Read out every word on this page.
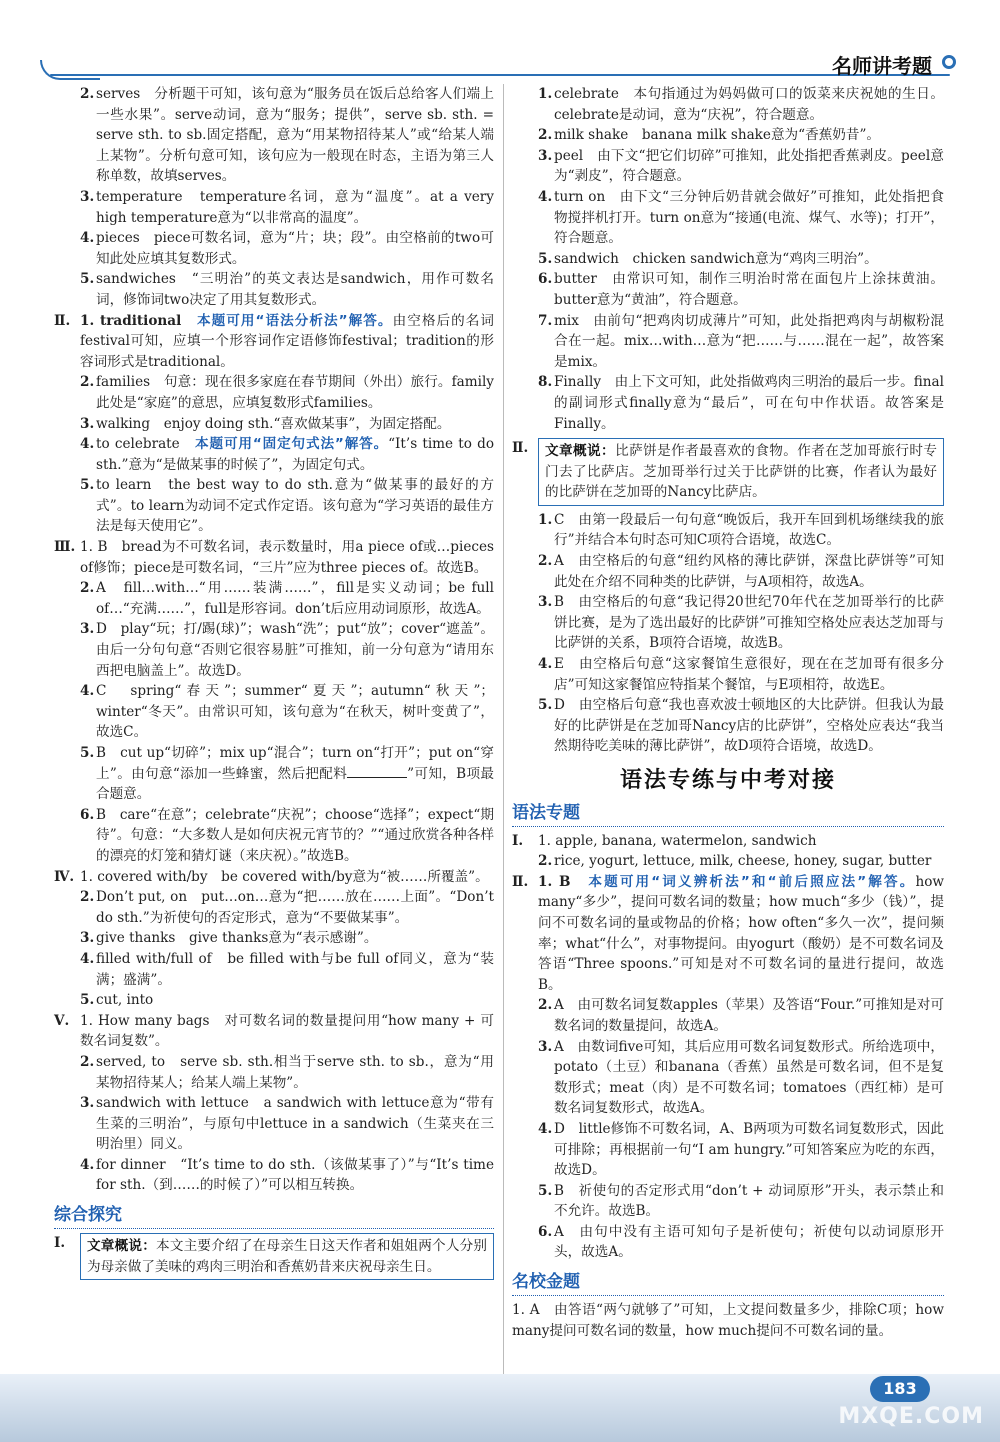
名师讲考题
2. serves　分析题干可知，该句意为“服务员在饭后总给客人们端上一些水果”。serve动词，意为“服务；提供”，serve sb. sth. = serve sth. to sb.固定搭配，意为“用某物招待某人”或“给某人端上某物”。分析句意可知，该句应为一般现在时态，主语为第三人称单数，故填serves。
3. temperature　temperature名词，意为“温度”。at a very high temperature意为“以非常高的温度”。
4. pieces　piece可数名词，意为“片；块；段”。由空格前的two可知此处应填其复数形式。
5. sandwiches　“三明治”的英文表达是sandwich，用作可数名词，修饰词two决定了用其复数形式。
Ⅱ. 1. traditional　 本题可用“语法分析法”解答。由空格后的名词festival可知，应填一个形容词作定语修饰festival；tradition的形容词形式是traditional。
2. families　句意：现在很多家庭在春节期间（外出）旅行。family此处是“家庭”的意思，应填复数形式families。
3. walking　enjoy doing sth.“喜欢做某事”，为固定搭配。
4. to celebrate　 本题可用“固定句式法”解答。“It’s time to do sth.”意为“是做某事的时候了”，为固定句式。
5. to learn　the best way to do sth.意为“做某事的最好的方式”。to learn为动词不定式作定语。该句意为“学习英语的最佳方法是每天使用它”。
Ⅲ. 1. B　bread为不可数名词，表示数量时，用a piece of或…pieces of修饰；piece是可数名词，“三片”应为three pieces of。故选B。
2. A　fill…with…“用……装满……”，fill是实义动词；be full of…“充满……”，full是形容词。don’t后应用动词原形，故选A。
3. D　play“玩；打/踢(球)”；wash“洗”；put“放”；cover“遮盖”。由后一分句句意“否则它很容易脏”可推知，前一分句意为“请用东西把电脑盖上”。故选D。
4. C　spring“春天”；summer“夏天”；autumn“秋天”；winter“冬天”。由常识可知，该句意为“在秋天，树叶变黄了”，故选C。
5. B　cut up“切碎”；mix up“混合”；turn on“打开”；put on“穿上”。由句意“添加一些蜂蜜，然后把配料	”可知，B项最合题意。
6. B　care“在意”；celebrate“庆祝”；choose“选择”；expect“期待”。句意：“大多数人是如何庆祝元宵节的？”“通过欣赏各种各样的漂亮的灯笼和猜灯谜（来庆祝）。”故选B。
Ⅳ. 1. covered with/by　be covered with/by意为“被……所覆盖”。
2. Don’t put, on　put…on…意为“把……放在……上面”。“Don’t do sth.”为祈使句的否定形式，意为“不要做某事”。
3. give thanks　give thanks意为“表示感谢”。
4. filled with/full of　be filled with与be full of同义，意为“装满；盛满”。
5. cut, into
Ⅴ. 1. How many bags　对可数名词的数量提问用“how many + 可数名词复数”。
2. served, to　serve sb. sth.相当于serve sth. to sb.，意为“用某物招待某人；给某人端上某物”。
3. sandwich with lettuce　a sandwich with lettuce意为“带有生菜的三明治”，与原句中lettuce in a sandwich（生菜夹在三明治里）同义。
4. for dinner　“It’s time to do sth.（该做某事了）”与“It’s time for sth.（到……的时候了）”可以相互转换。
综合探究
Ⅰ.	文章概说：本文主要介绍了在母亲生日这天作者和姐姐两个人分别为母亲做了美味的鸡肉三明治和香蕉奶昔来庆祝母亲生日。
1. celebrate　本句指通过为妈妈做可口的饭菜来庆祝她的生日。celebrate是动词，意为“庆祝”，符合题意。
2. milk shake　banana milk shake意为“香蕉奶昔”。
3. peel　由下文“把它们切碎”可推知，此处指把香蕉剥皮。peel意为“剥皮”，符合题意。
4. turn on　由下文“三分钟后奶昔就会做好”可推知，此处指把食物搅拌机打开。turn on意为“接通(电流、煤气、水等)；打开”，符合题意。
5. sandwich　chicken sandwich意为“鸡肉三明治”。
6. butter　由常识可知，制作三明治时常在面包片上涂抹黄油。butter意为“黄油”，符合题意。
7. mix　由前句“把鸡肉切成薄片”可知，此处指把鸡肉与胡椒粉混合在一起。mix…with…意为“把……与……混在一起”，故答案是mix。
8. Finally　由上下文可知，此处指做鸡肉三明治的最后一步。final的副词形式finally意为“最后”，可在句中作状语。故答案是Finally。
Ⅱ.	文章概说：比萨饼是作者最喜欢的食物。作者在芝加哥旅行时专门去了比萨店。芝加哥举行过关于比萨饼的比赛，作者认为最好的比萨饼在芝加哥的Nancy比萨店。
1. C　由第一段最后一句句意“晚饭后，我开车回到机场继续我的旅行”并结合本句时态可知C项符合语境，故选C。
2. A　由空格后的句意“纽约风格的薄比萨饼，深盘比萨饼等”可知此处在介绍不同种类的比萨饼，与A项相符，故选A。
3. B　由空格后的句意“我记得20世纪70年代在芝加哥举行的比萨饼比赛，是为了选出最好的比萨饼”可推知空格处应表达芝加哥与比萨饼的关系，B项符合语境，故选B。
4. E　由空格后句意“这家餐馆生意很好，现在在芝加哥有很多分店”可知这家餐馆应特指某个餐馆，与E项相符，故选E。
5. D　由空格后句意“我也喜欢波士顿地区的大比萨饼。但我认为最好的比萨饼是在芝加哥Nancy店的比萨饼”，空格处应表达“我当然期待吃美味的薄比萨饼”，故D项符合语境，故选D。
语法专练与中考对接
语法专题
Ⅰ.	1. apple, banana, watermelon, sandwich
2. rice, yogurt, lettuce, milk, cheese, honey, sugar, butter
Ⅱ. 1. B　 本题可用“词义辨析法”和“前后照应法”解答。how many“多少”，提问可数名词的数量；how much“多少（钱）”，提问不可数名词的量或物品的价格；how often“多久一次”，提问频率；what“什么”，对事物提问。由yogurt（酸奶）是不可数名词及答语“Three spoons.”可知是对不可数名词的量进行提问，故选B。
2. A　由可数名词复数apples（苹果）及答语“Four.”可推知是对可数名词的数量提问，故选A。
3. A　由数词five可知，其后应用可数名词复数形式。所给选项中，potato（土豆）和banana（香蕉）虽然是可数名词，但不是复数形式；meat（肉）是不可数名词；tomatoes（西红柿）是可数名词复数形式，故选A。
4. D　little修饰不可数名词，A、B两项为可数名词复数形式，因此可排除；再根据前一句“I am hungry.”可知答案应为吃的东西，故选D。
5. B　祈使句的否定形式用“don’t + 动词原形”开头，表示禁止和不允许。故选B。
6. A　由句中没有主语可知句子是祈使句；祈使句以动词原形开头，故选A。
名校金题
1. A　由答语“两勺就够了”可知，上文提问数量多少，排除C项；how many提问可数名词的数量，how much提问不可数名词的量。
183
MXQE.COM
